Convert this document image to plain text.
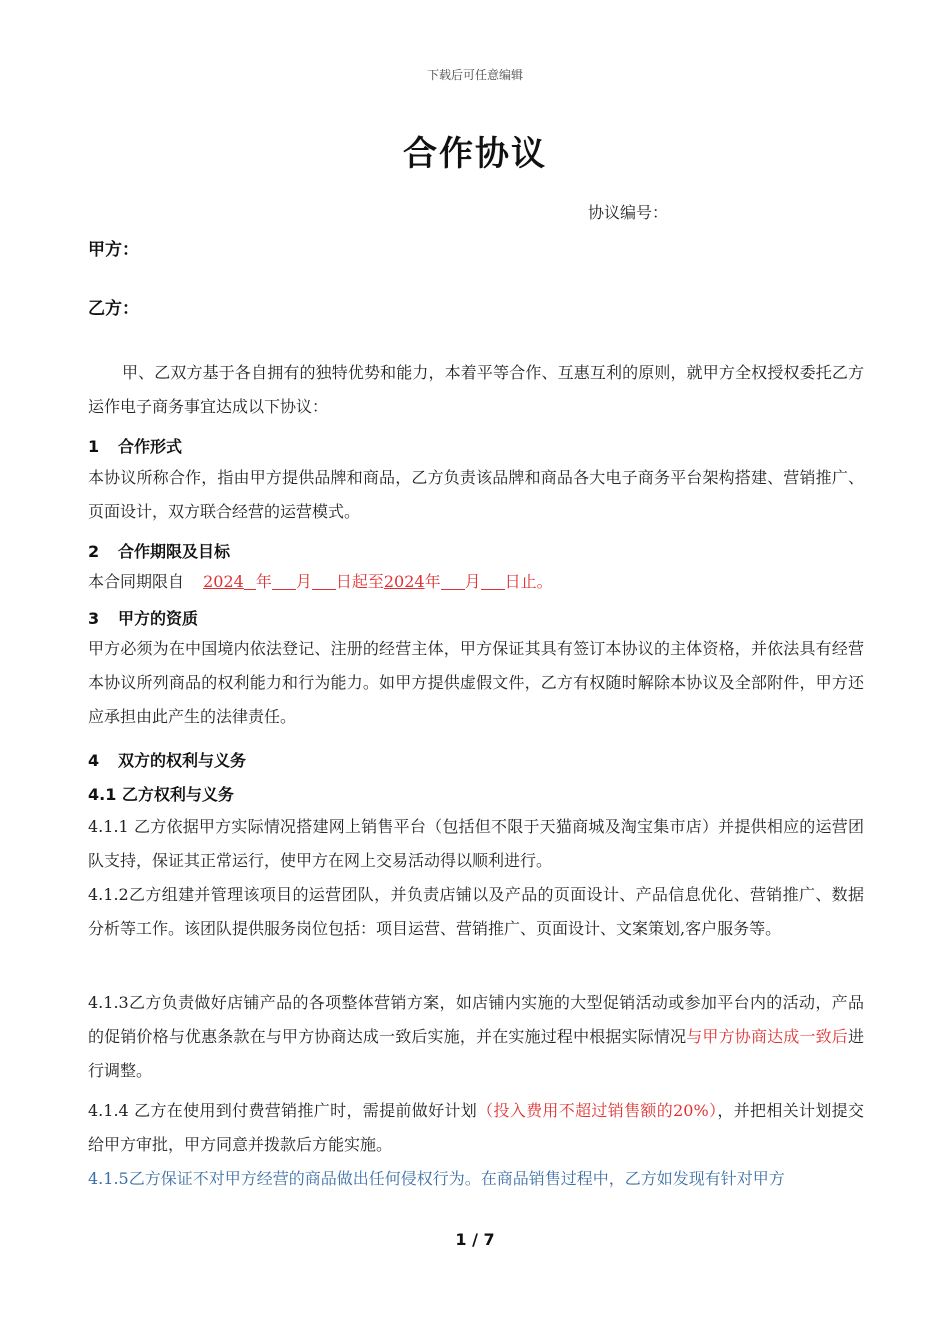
下载后可任意编辑
合作协议
协议编号：
甲方：
乙方：
甲、乙双方基于各自拥有的独特优势和能力，本着平等合作、互惠互利的原则，就甲方全权授权委托乙方运作电子商务事宜达成以下协议：
1 合作形式
本协议所称合作，指由甲方提供品牌和商品，乙方负责该品牌和商品各大电子商务平台架构搭建、营销推广、页面设计，双方联合经营的运营模式。
2 合作期限及目标
本合同期限自 2024 年 月 日起至2024年 月 日止。
3 甲方的资质
甲方必须为在中国境内依法登记、注册的经营主体，甲方保证其具有签订本协议的主体资格，并依法具有经营本协议所列商品的权利能力和行为能力。如甲方提供虚假文件，乙方有权随时解除本协议及全部附件，甲方还应承担由此产生的法律责任。
4 双方的权利与义务
4.1 乙方权利与义务
4.1.1 乙方依据甲方实际情况搭建网上销售平台（包括但不限于天猫商城及淘宝集市店）并提供相应的运营团队支持，保证其正常运行，使甲方在网上交易活动得以顺利进行。
4.1.2乙方组建并管理该项目的运营团队，并负责店铺以及产品的页面设计、产品信息优化、营销推广、数据分析等工作。该团队提供服务岗位包括：项目运营、营销推广、页面设计、文案策划,客户服务等。
4.1.3乙方负责做好店铺产品的各项整体营销方案，如店铺内实施的大型促销活动或参加平台内的活动，产品的促销价格与优惠条款在与甲方协商达成一致后实施，并在实施过程中根据实际情况与甲方协商达成一致后进行调整。
4.1.4 乙方在使用到付费营销推广时，需提前做好计划（投入费用不超过销售额的20%），并把相关计划提交给甲方审批，甲方同意并拨款后方能实施。
4.1.5乙方保证不对甲方经营的商品做出任何侵权行为。在商品销售过程中，乙方如发现有针对甲方
1 / 7
